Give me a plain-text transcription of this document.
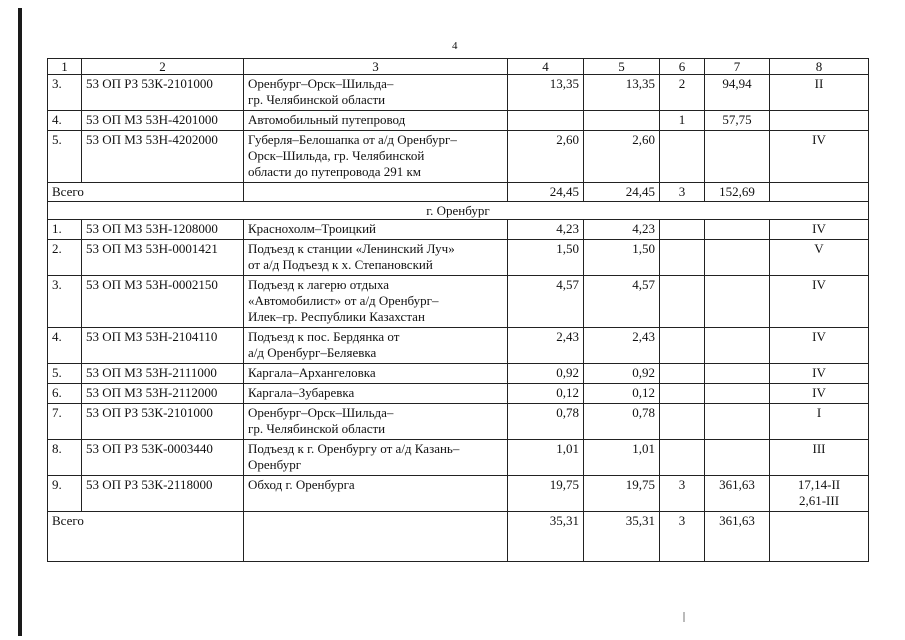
4
1	2	3	4	5	6	7	8
3.	53 ОП РЗ 53К-2101000	Оренбург–Орск–Шильда–
гр. Челябинской области	13,35	13,35	2	94,94	II

4.	53 ОП МЗ 53Н-4201000	Автомобильный путепровод			1	57,75	

5.	53 ОП МЗ 53Н-4202000	Губерля–Белошапка от а/д Оренбург–
Орск–Шильда, гр. Челябинской
области до путепровода 291 км	2,60	2,60			IV

Всего			24,45	24,45	3	152,69	
г. Оренбург							
1.	53 ОП МЗ 53Н-1208000	Краснохолм–Троицкий	4,23	4,23			IV

2.	53 ОП МЗ 53Н-0001421	Подъезд к станции «Ленинский Луч»
от а/д Подъезд к х. Степановский	1,50	1,50			V

3.	53 ОП МЗ 53Н-0002150	Подъезд к лагерю отдыха
«Автомобилист» от а/д Оренбург–
Илек–гр. Республики Казахстан	4,57	4,57			IV

4.	53 ОП МЗ 53Н-2104110	Подъезд к пос. Бердянка от
а/д Оренбург–Беляевка	2,43	2,43			IV

5.	53 ОП МЗ 53Н-2111000	Каргала–Архангеловка	0,92	0,92			IV

6.	53 ОП МЗ 53Н-2112000	Каргала–Зубаревка	0,12	0,12			IV

7.	53 ОП РЗ 53К-2101000	Оренбург–Орск–Шильда–
гр. Челябинской области	0,78	0,78			I

8.	53 ОП РЗ 53К-0003440	Подъезд к г. Оренбургу от а/д Казань–
Оренбург	1,01	1,01			III

9.	53 ОП РЗ 53К-2118000	Обход г. Оренбурга	19,75	19,75	3	361,63	17,14-II
2,61-III

Всего			35,31	35,31	3	361,63	
